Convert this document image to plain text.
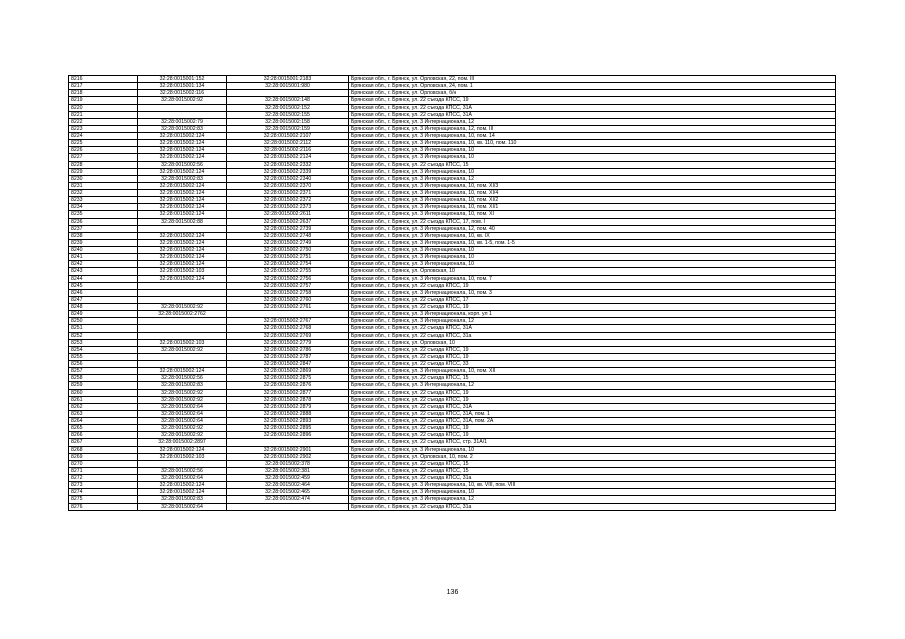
8216	32:28:0015001:152	32:28:0015001:2183	Брянская обл., г. Брянск, ул. Орловская, 22, пом. III
8217	32:28:0015001:134	32:28:0015001:980	Брянская обл., г. Брянск, ул. Орловская, 24, пом. 1
8218	32:28:0015002:116		Брянская обл., г. Брянск, ул. Орловская, б/н
8219	32:28:0015002:92	32:28:0015002:148	Брянская обл., г. Брянск, ул. 22 съезда КПСС, 19
8220		32:28:0015002:152	Брянская обл., г. Брянск, ул. 22 съезда КПСС, 31А
8221		32:28:0015002:155	Брянская обл., г. Брянск, ул. 22 съезда КПСС, 31А
8222	32:28:0015002:79	32:28:0015002:158	Брянская обл., г. Брянск, ул. 3 Интернационала, 12
8223	32:28:0015002:83	32:28:0015002:159	Брянская обл., г. Брянск, ул. 3 Интернационала, 12, пом. III
8224	32:28:0015002:124	32:28:0015002:2107	Брянская обл., г. Брянск, ул. 3 Интернационала, 10, пом. 14
8225	32:28:0015002:124	32:28:0015002:2112	Брянская обл., г. Брянск, ул. 3 Интернационала, 10, кв. 110, пом. 110
8226	32:28:0015002:124	32:28:0015002:2116	Брянская обл., г. Брянск, ул. 3 Интернационала, 10
8227	32:28:0015002:124	32:28:0015002:2124	Брянская обл., г. Брянск, ул. 3 Интернационала, 10
8228	32:28:0015002:56	32:28:0015002:2332	Брянская обл., г. Брянск, ул. 22 съезда КПСС, 15
8229	32:28:0015002:124	32:28:0015002:2339	Брянская обл., г. Брянск, ул. 3 Интернационала, 10
8230	32:28:0015002:83	32:28:0015002:2340	Брянская обл., г. Брянск, ул. 3 Интернационала, 12
8231	32:28:0015002:124	32:28:0015002:2370	Брянская обл., г. Брянск, ул. 3 Интернационала, 10, пом. XI/3
8232	32:28:0015002:124	32:28:0015002:2371	Брянская обл., г. Брянск, ул. 3 Интернационала, 10, пом. XI/4
8233	32:28:0015002:124	32:28:0015002:2372	Брянская обл., г. Брянск, ул. 3 Интернационала, 10, пом. XI/2
8234	32:28:0015002:124	32:28:0015002:2373	Брянская обл., г. Брянск, ул. 3 Интернационала, 10, пом. XI/1
8235	32:28:0015002:124	32:28:0015002:2611	Брянская обл., г. Брянск, ул. 3 Интернационала, 10, пом. XI
8236	32:28:0015002:88	32:28:0015002:2637	Брянская обл., г. Брянск, ул. 22 съезда КПСС, 17, пом. I
8237		32:28:0015002:2739	Брянская обл., г. Брянск, ул. 3 Интернационала, 12, пом. 40
8238	32:28:0015002:124	32:28:0015002:2748	Брянская обл., г. Брянск, ул. 3 Интернационала, 10, кв. IX
8239	32:28:0015002:124	32:28:0015002:2749	Брянская обл., г. Брянск, ул. 3 Интернационала, 10, кв. 1-5, пом. 1-5
8240	32:28:0015002:124	32:28:0015002:2750	Брянская обл., г. Брянск, ул. 3 Интернационала, 10
8241	32:28:0015002:124	32:28:0015002:2751	Брянская обл., г. Брянск, ул. 3 Интернационала, 10
8242	32:28:0015002:124	32:28:0015002:2754	Брянская обл., г. Брянск, ул. 3 Интернационала, 10
8243	32:28:0015002:103	32:28:0015002:2755	Брянская обл., г. Брянск, ул. Орловская, 10
8244	32:28:0015002:124	32:28:0015002:2756	Брянская обл., г. Брянск, ул. 3 Интернационала, 10, пом. 7
8245		32:28:0015002:2757	Брянская обл., г. Брянск, ул. 22 съезда КПСС, 19
8246		32:28:0015002:2758	Брянская обл., г. Брянск, ул. 3 Интернационала, 10, пом. 3
8247		32:28:0015002:2760	Брянская обл., г. Брянск, ул. 22 съезда КПСС, 17
8248	32:28:0015002:92	32:28:0015002:2761	Брянская обл., г. Брянск, ул. 22 съезда КПСС, 19
8249	32:28:0015002:2762		Брянская обл., г. Брянск, ул. 3 Интернационала, корп. ул 1
8250		32:28:0015002:2767	Брянская обл., г. Брянск, ул. 3 Интернационала, 12
8251		32:28:0015002:2768	Брянская обл., г. Брянск, ул. 22 съезда КПСС, 31А
8252		32:28:0015002:2769	Брянская обл., г. Брянск, ул. 22 съезда КПСС, 31а
8253	32:28:0015002:103	32:28:0015002:2779	Брянская обл., г. Брянск, ул. Орловская, 10
8254	32:28:0015002:92	32:28:0015002:2786	Брянская обл., г. Брянск, ул. 22 съезда КПСС, 19
8255		32:28:0015002:2787	Брянская обл., г. Брянск, ул. 22 съезда КПСС, 19
8256		32:28:0015002:2847	Брянская обл., г. Брянск, ул. 22 съезда КПСС, 33
8257	32:28:0015002:124	32:28:0015002:2869	Брянская обл., г. Брянск, ул. 3 Интернационала, 10, пом. XII
8258	32:28:0015002:56	32:28:0015002:2875	Брянская обл., г. Брянск, ул. 22 съезда КПСС, 15
8259	32:28:0015002:83	32:28:0015002:2876	Брянская обл., г. Брянск, ул. 3 Интернационала, 12
8260	32:28:0015002:92	32:28:0015002:2877	Брянская обл., г. Брянск, ул. 22 съезда КПСС, 19
8261	32:28:0015002:92	32:28:0015002:2878	Брянская обл., г. Брянск, ул. 22 съезда КПСС, 19
8262	32:28:0015002:64	32:28:0015002:2879	Брянская обл., г. Брянск, ул. 22 съезда КПСС, 31А
8263	32:28:0015002:64	32:28:0015002:2888	Брянская обл., г. Брянск, ул. 22 съезда КПСС, 31А, пом. 1
8264	32:28:0015002:64	32:28:0015002:2893	Брянская обл., г. Брянск, ул. 22 съезда КПСС, 31А, пом. 2А
8265	32:28:0015002:92	32:28:0015002:2895	Брянская обл., г. Брянск, ул. 22 съезда КПСС, 19
8266	32:28:0015002:92	32:28:0015002:2896	Брянская обл., г. Брянск, ул. 22 съезда КПСС, 19
8267	32:28:0015002:2897		Брянская обл., г. Брянск, ул. 22 съезда КПСС, стр. 31А/1
8268	32:28:0015002:124	32:28:0015002:2901	Брянская обл., г. Брянск, ул. 3 Интернационала, 10
8269	32:28:0015002:103	32:28:0015002:2902	Брянская обл., г. Брянск, ул. Орловская, 10, пом. 2
8270		32:28:0015002:378	Брянская обл., г. Брянск, ул. 22 съезда КПСС, 15
8271	32:28:0015002:56	32:28:0015002:381	Брянская обл., г. Брянск, ул. 22 съезда КПСС, 15
8272	32:28:0015002:64	32:28:0015002:459	Брянская обл., г. Брянск, ул. 22 съезда КПСС, 31а
8273	32:28:0015002:124	32:28:0015002:464	Брянская обл., г. Брянск, ул. 3 Интернационала, 10, кв. VIII, пом. VIII
8274	32:28:0015002:124	32:28:0015002:465	Брянская обл., г. Брянск, ул. 3 Интернационала, 10
8275	32:28:0015002:83	32:28:0015002:474	Брянская обл., г. Брянск, ул. 3 Интернационала, 12
8276	32:28:0015002:64		Брянская обл., г. Брянск, ул. 22 съезда КПСС, 31а
136
